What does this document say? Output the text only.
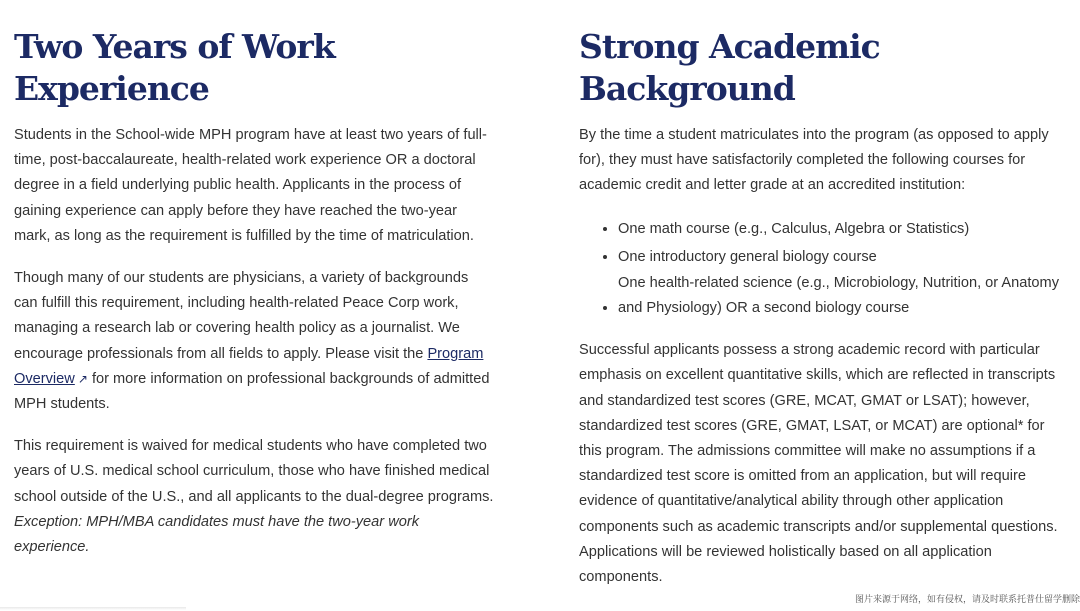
Two Years of Work
Experience

Students in the School-wide MPH program have at least two years of full-time, post-baccalaureate, health-related work experience OR a doctoral degree in a field underlying public health. Applicants in the process of gaining experience can apply before they have reached the two-year mark, as long as the requirement is fulfilled by the time of matriculation.

Though many of our students are physicians, a variety of backgrounds can fulfill this requirement, including health-related Peace Corp work, managing a research lab or covering health policy as a journalist. We encourage professionals from all fields to apply. Please visit the Program Overview ↗ for more information on professional backgrounds of admitted MPH students.

This requirement is waived for medical students who have completed two years of U.S. medical school curriculum, those who have finished medical school outside of the U.S., and all applicants to the dual-degree programs. Exception: MPH/MBA candidates must have the two-year work experience.

Strong Academic
Background

By the time a student matriculates into the program (as opposed to apply for), they must have satisfactorily completed the following courses for academic credit and letter grade at an accredited institution:

• One math course (e.g., Calculus, Algebra or Statistics)
• One introductory general biology course
• One health-related science (e.g., Microbiology, Nutrition, or Anatomy and Physiology) OR a second biology course

Successful applicants possess a strong academic record with particular emphasis on excellent quantitative skills, which are reflected in transcripts and standardized test scores (GRE, MCAT, GMAT or LSAT); however, standardized test scores (GRE, GMAT, LSAT, or MCAT) are optional* for this program. The admissions committee will make no assumptions if a standardized test score is omitted from an application, but will require evidence of quantitative/analytical ability through other application components such as academic transcripts and/or supplemental questions. Applications will be reviewed holistically based on all application components.

图片来源于网络，如有侵权，请及时联系托普仕留学删除
